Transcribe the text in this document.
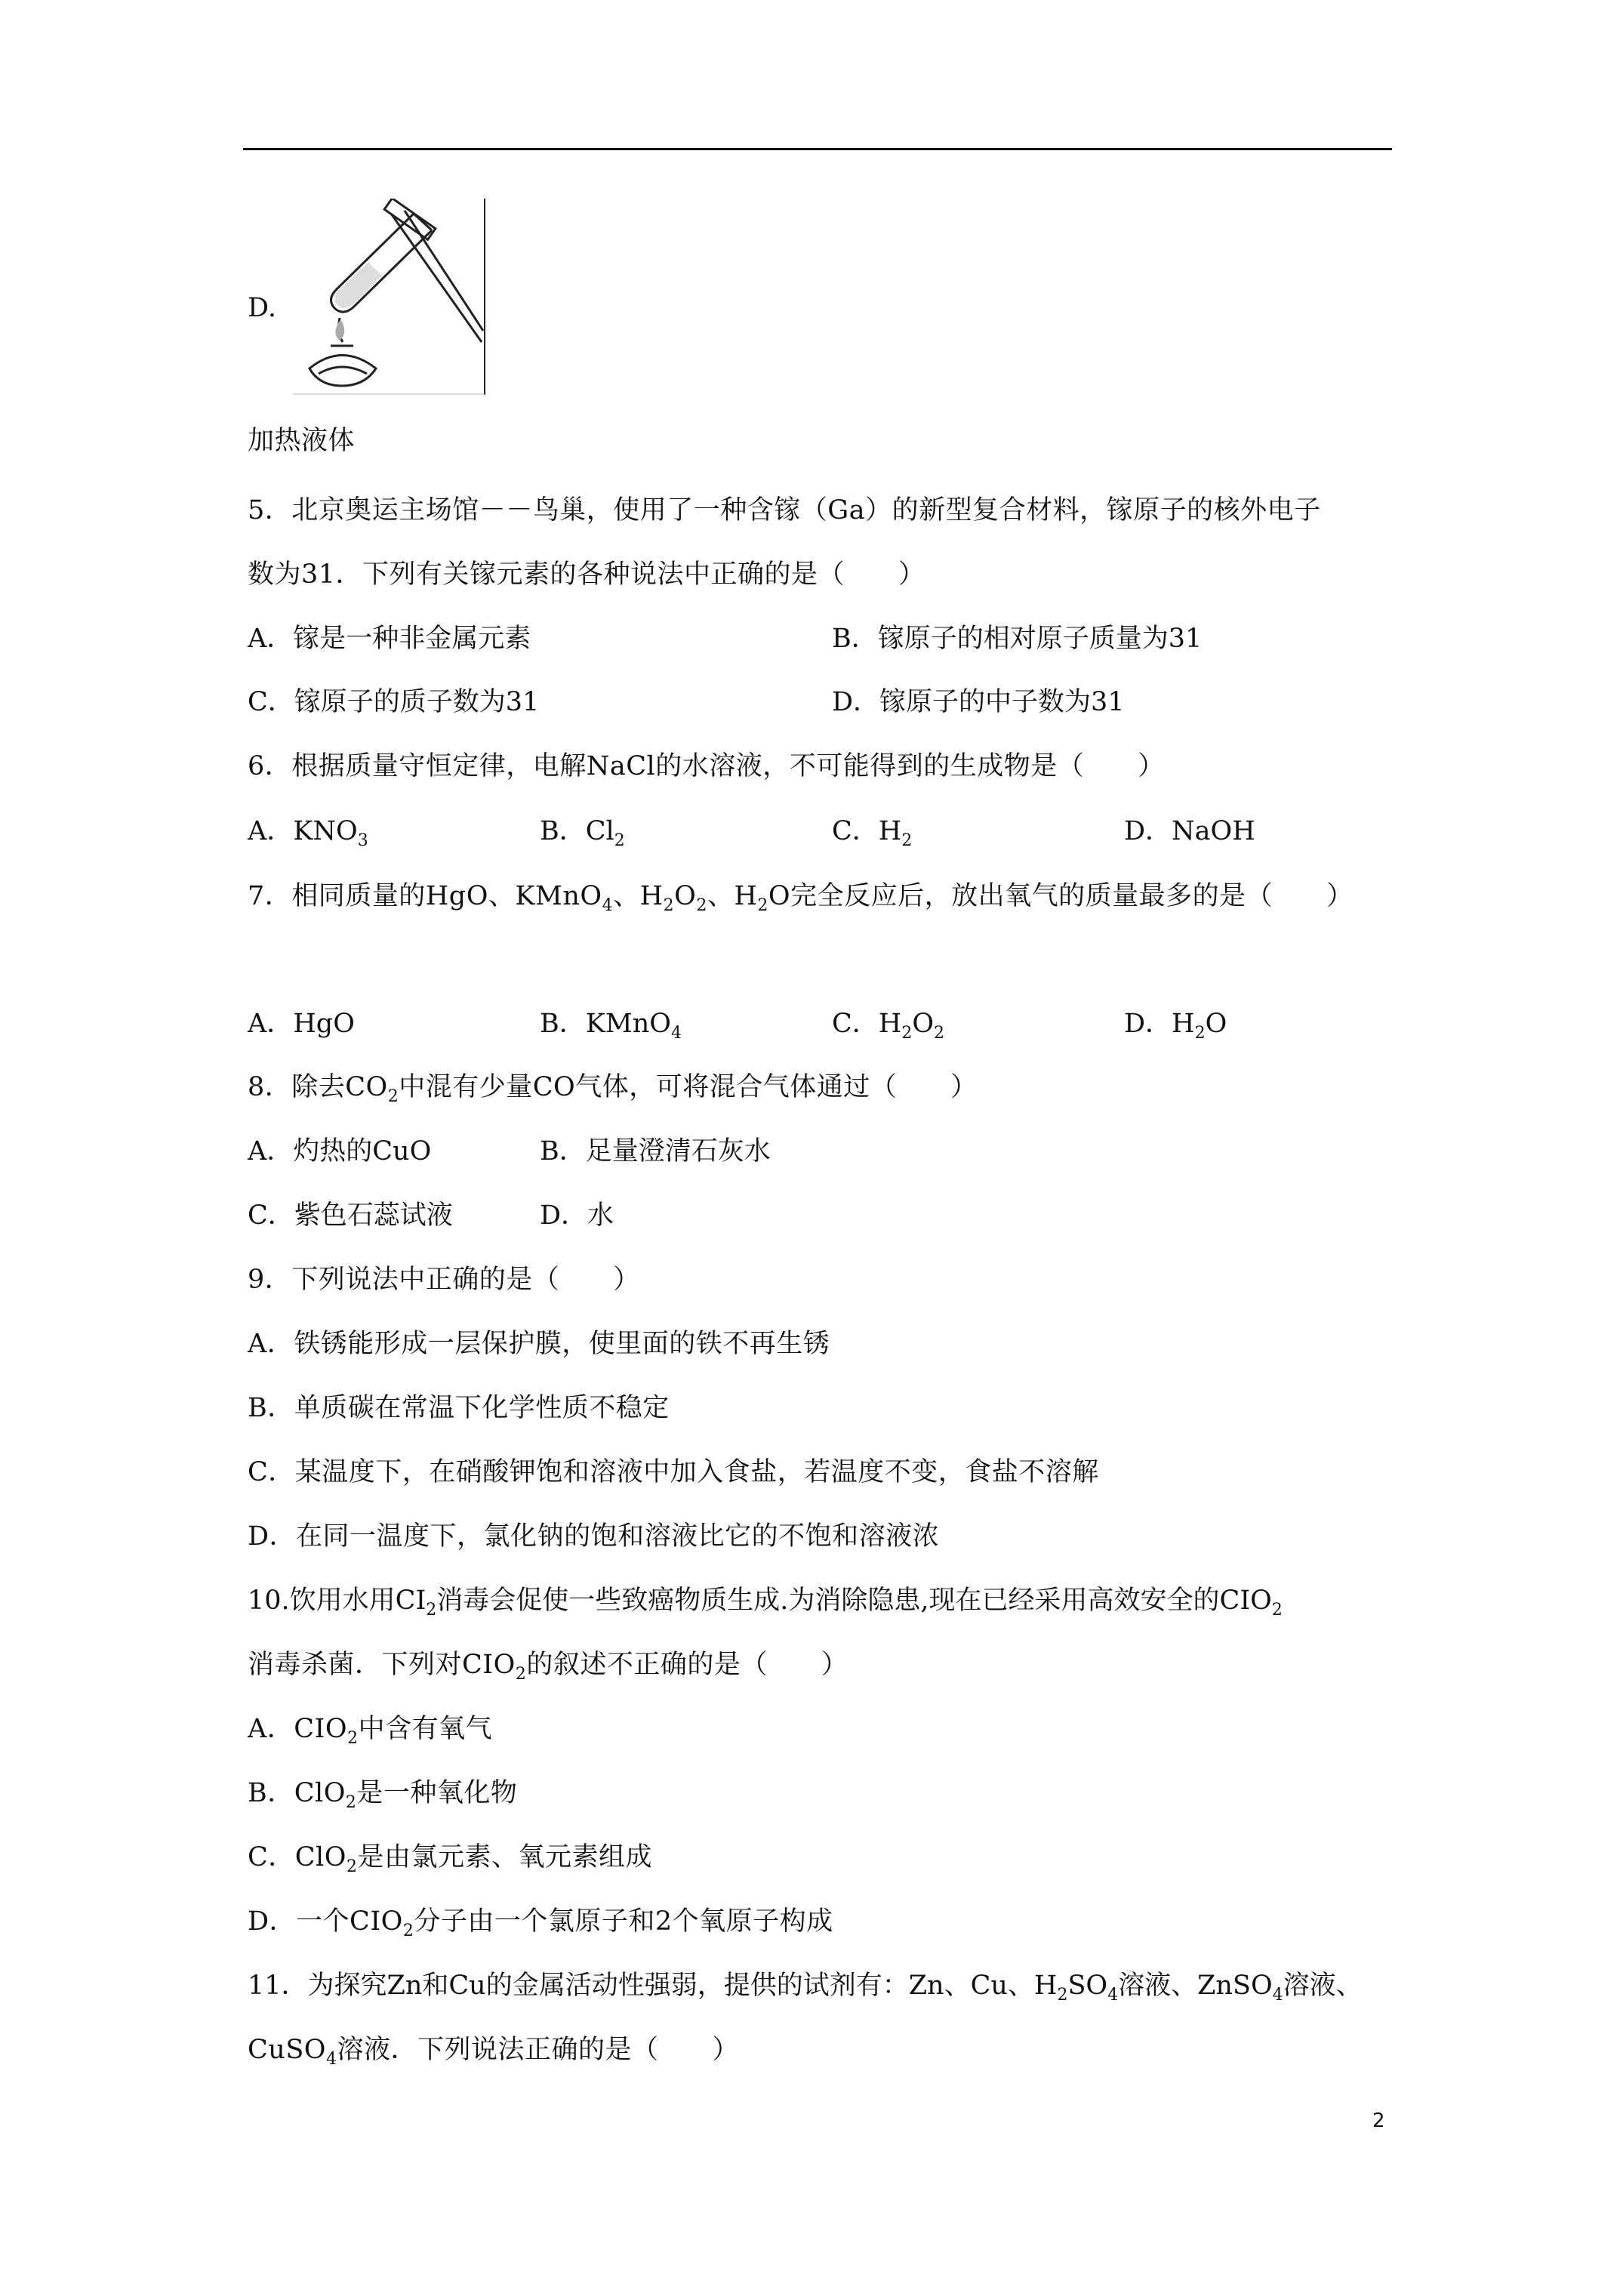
D.
加热液体
5．北京奥运主场馆－－鸟巢，使用了一种含镓（Ga）的新型复合材料，镓原子的核外电子
数为31．下列有关镓元素的各种说法中正确的是（　　）
A．镓是一种非金属元素	B．镓原子的相对原子质量为31
C．镓原子的质子数为31	D．镓原子的中子数为31
6．根据质量守恒定律，电解NaCl的水溶液，不可能得到的生成物是（　　）
A．$KNO_3$	B．$Cl_2$	C．$H_2$	D．NaOH
7．相同质量的HgO、KMnO$_4$、$H_2O_2$、$H_2O$完全反应后，放出氧气的质量最多的是（　　）
A．HgO	B．KMnO$_4$	C．$H_2O_2$	D．$H_2O$
8．除去$CO_2$中混有少量CO气体，可将混合气体通过（　　）
A．灼热的CuO	B．足量澄清石灰水
C．紫色石蕊试液	D．水
9．下列说法中正确的是（　　）
A．铁锈能形成一层保护膜，使里面的铁不再生锈
B．单质碳在常温下化学性质不稳定
C．某温度下，在硝酸钾饱和溶液中加入食盐，若温度不变，食盐不溶解
D．在同一温度下，氯化钠的饱和溶液比它的不饱和溶液浓
10.饮用水用$CI_2$消毒会促使一些致癌物质生成.为消除隐患,现在已经采用高效安全的$CIO_2$
消毒杀菌．下列对$CIO_2$的叙述不正确的是（　　）
A．$CIO_2$中含有氧气
B．ClO$_2$是一种氧化物
C．ClO$_2$是由氯元素、氧元素组成
D．一个$CIO_2$分子由一个氯原子和2个氧原子构成
11．为探究Zn和Cu的金属活动性强弱，提供的试剂有：Zn、Cu、$H_2SO_4$溶液、ZnSO$_4$溶液、
CuSO$_4$溶液．下列说法正确的是（　　）
2
